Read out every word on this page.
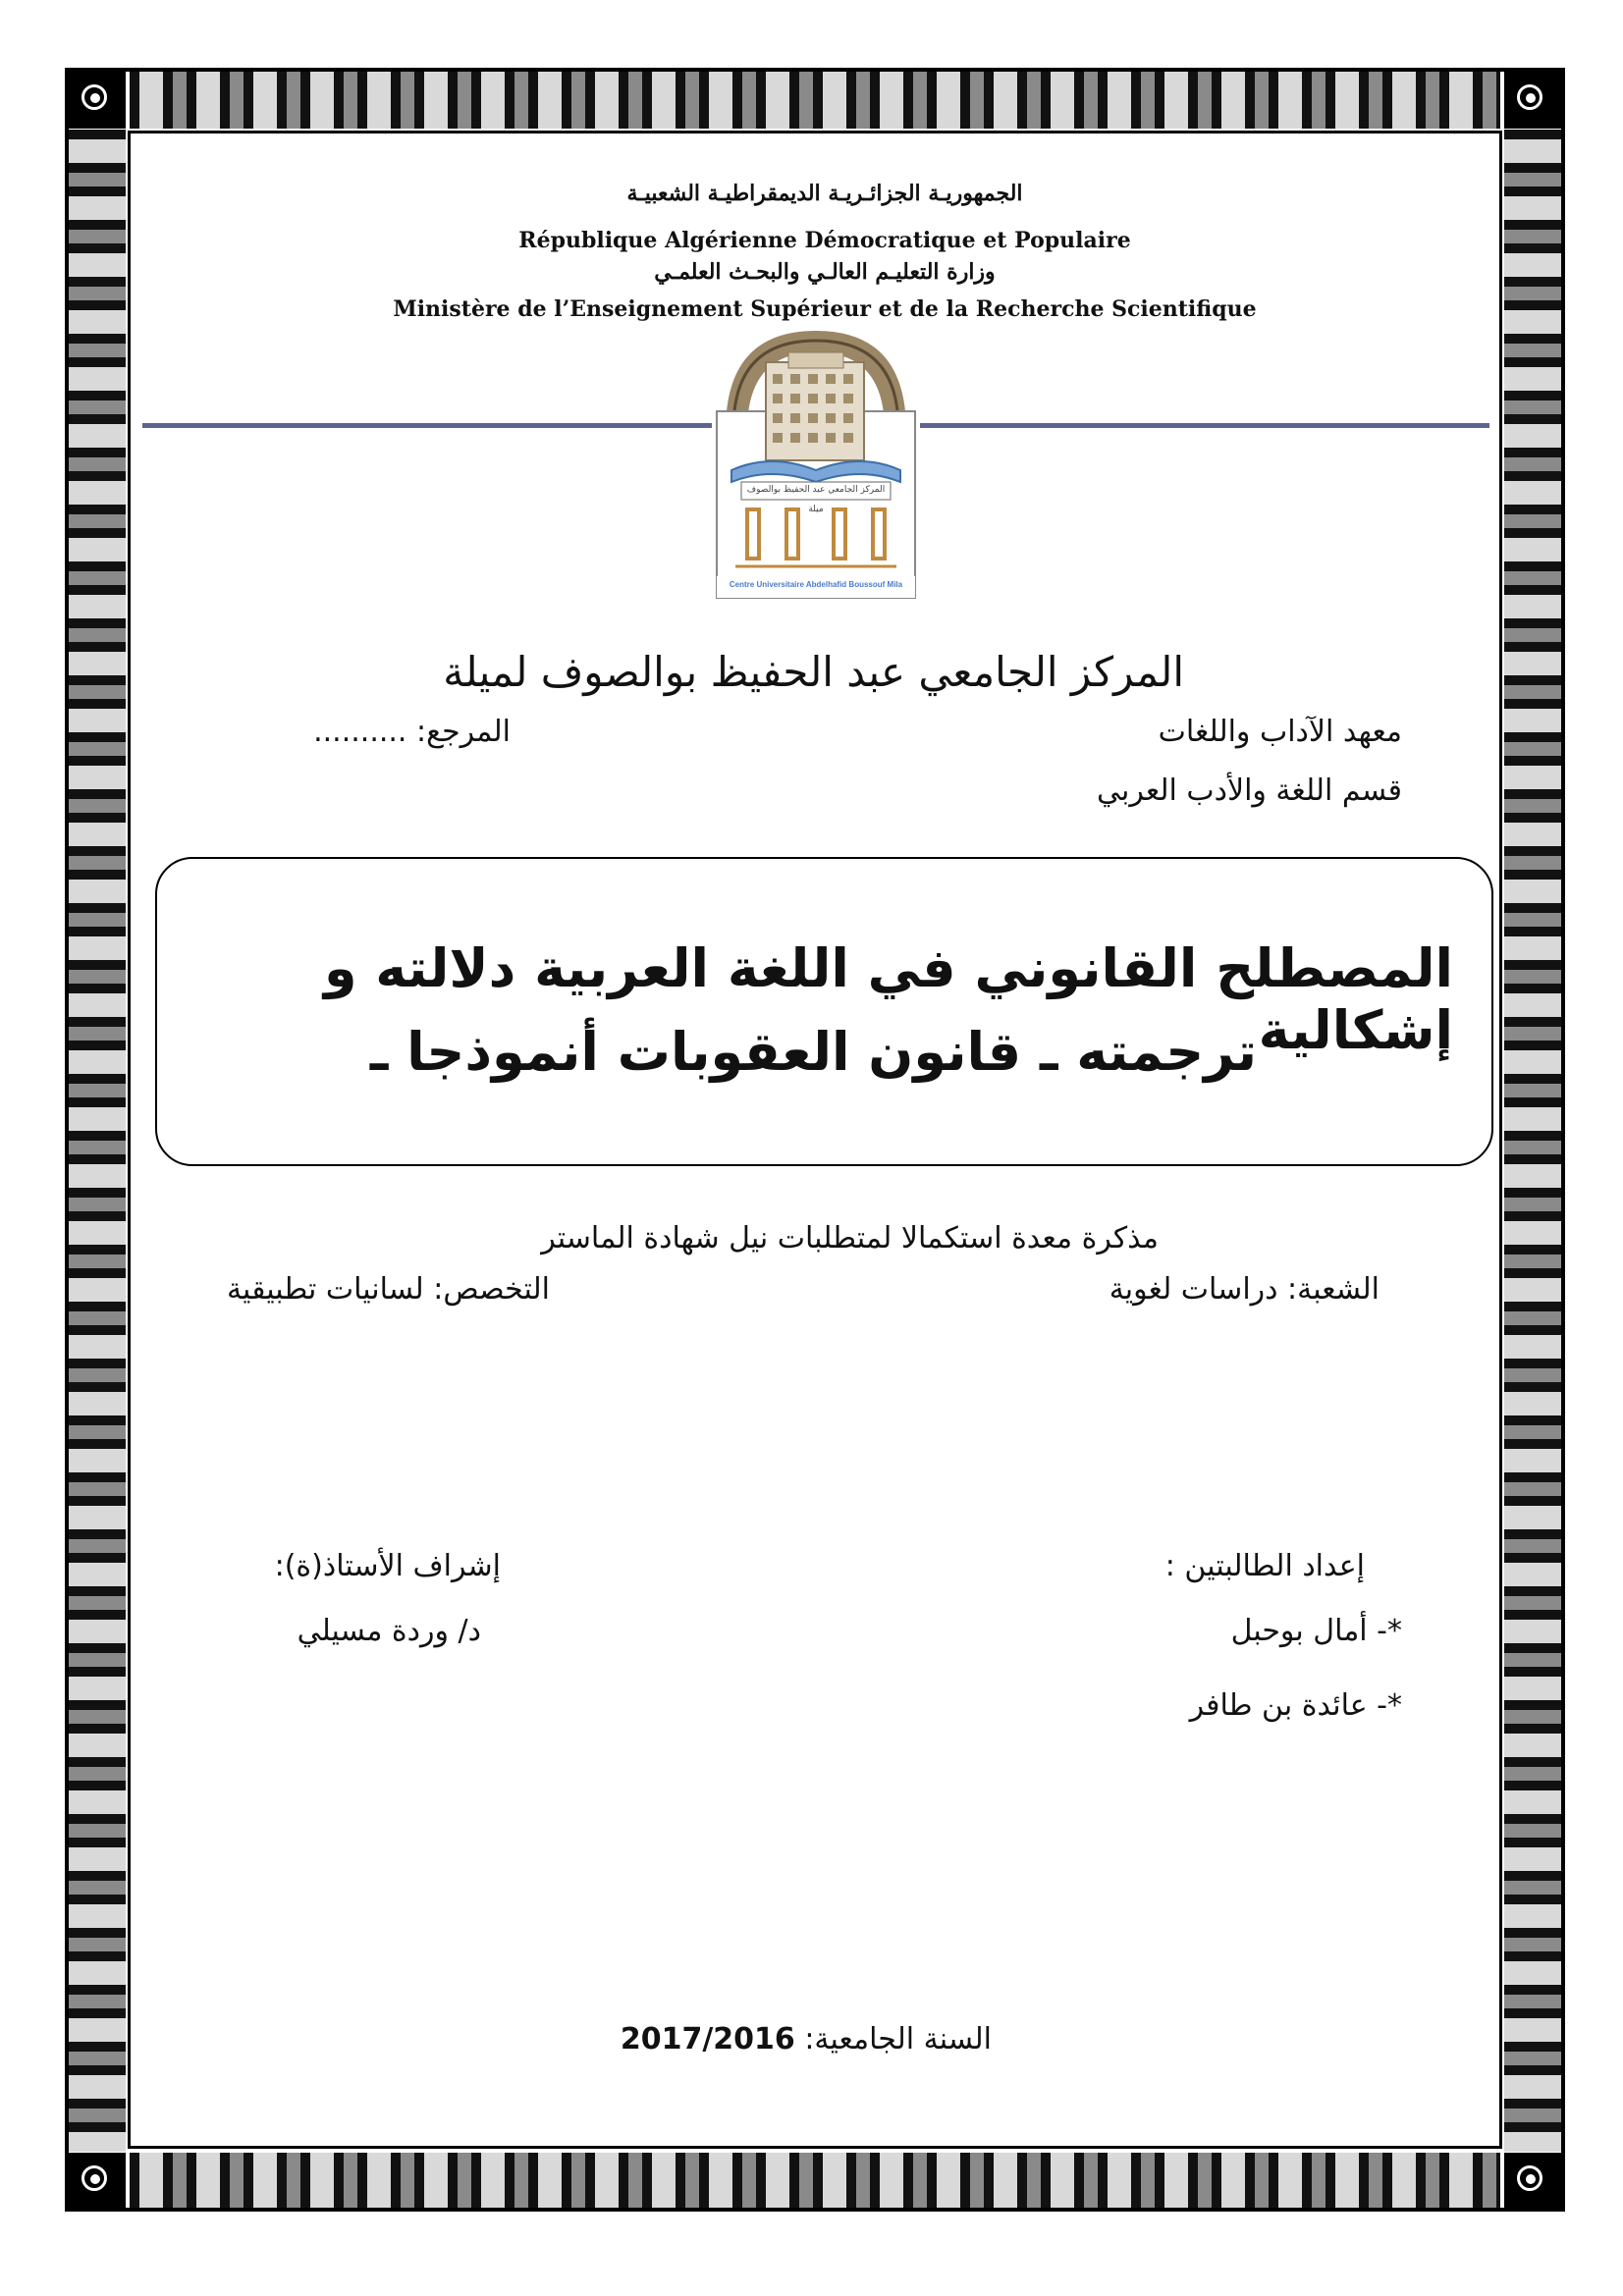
الجمهوريـة الجزائـريـة الديمقراطيـة الشعبيـة
République Algérienne Démocratique et Populaire
وزارة التعليـم العالـي والبحـث العلمـي
Ministère de l’Enseignement Supérieur et de la Recherche Scientifique
المركز الجامعي عبد الحفيظ بوالصوف ميلة
Centre Universitaire Abdelhafid Boussouf Mila
المركز الجامعي عبد الحفيظ بوالصوف لميلة
معهد الآداب واللغات
المرجع: ..........
قسم اللغة والأدب العربي
المصطلح القانوني في اللغة العربية دلالته و إشكالية
ترجمته ـ قانون العقوبات أنموذجا ـ
مذكرة معدة استكمالا لمتطلبات نيل شهادة الماستر
الشعبة: دراسات لغوية
التخصص: لسانيات تطبيقية
إعداد الطالبتين :
*- أمال بوحبل
*- عائدة بن طافر
إشراف الأستاذ(ة):
د/ وردة مسيلي
السنة الجامعية: 2017/2016
